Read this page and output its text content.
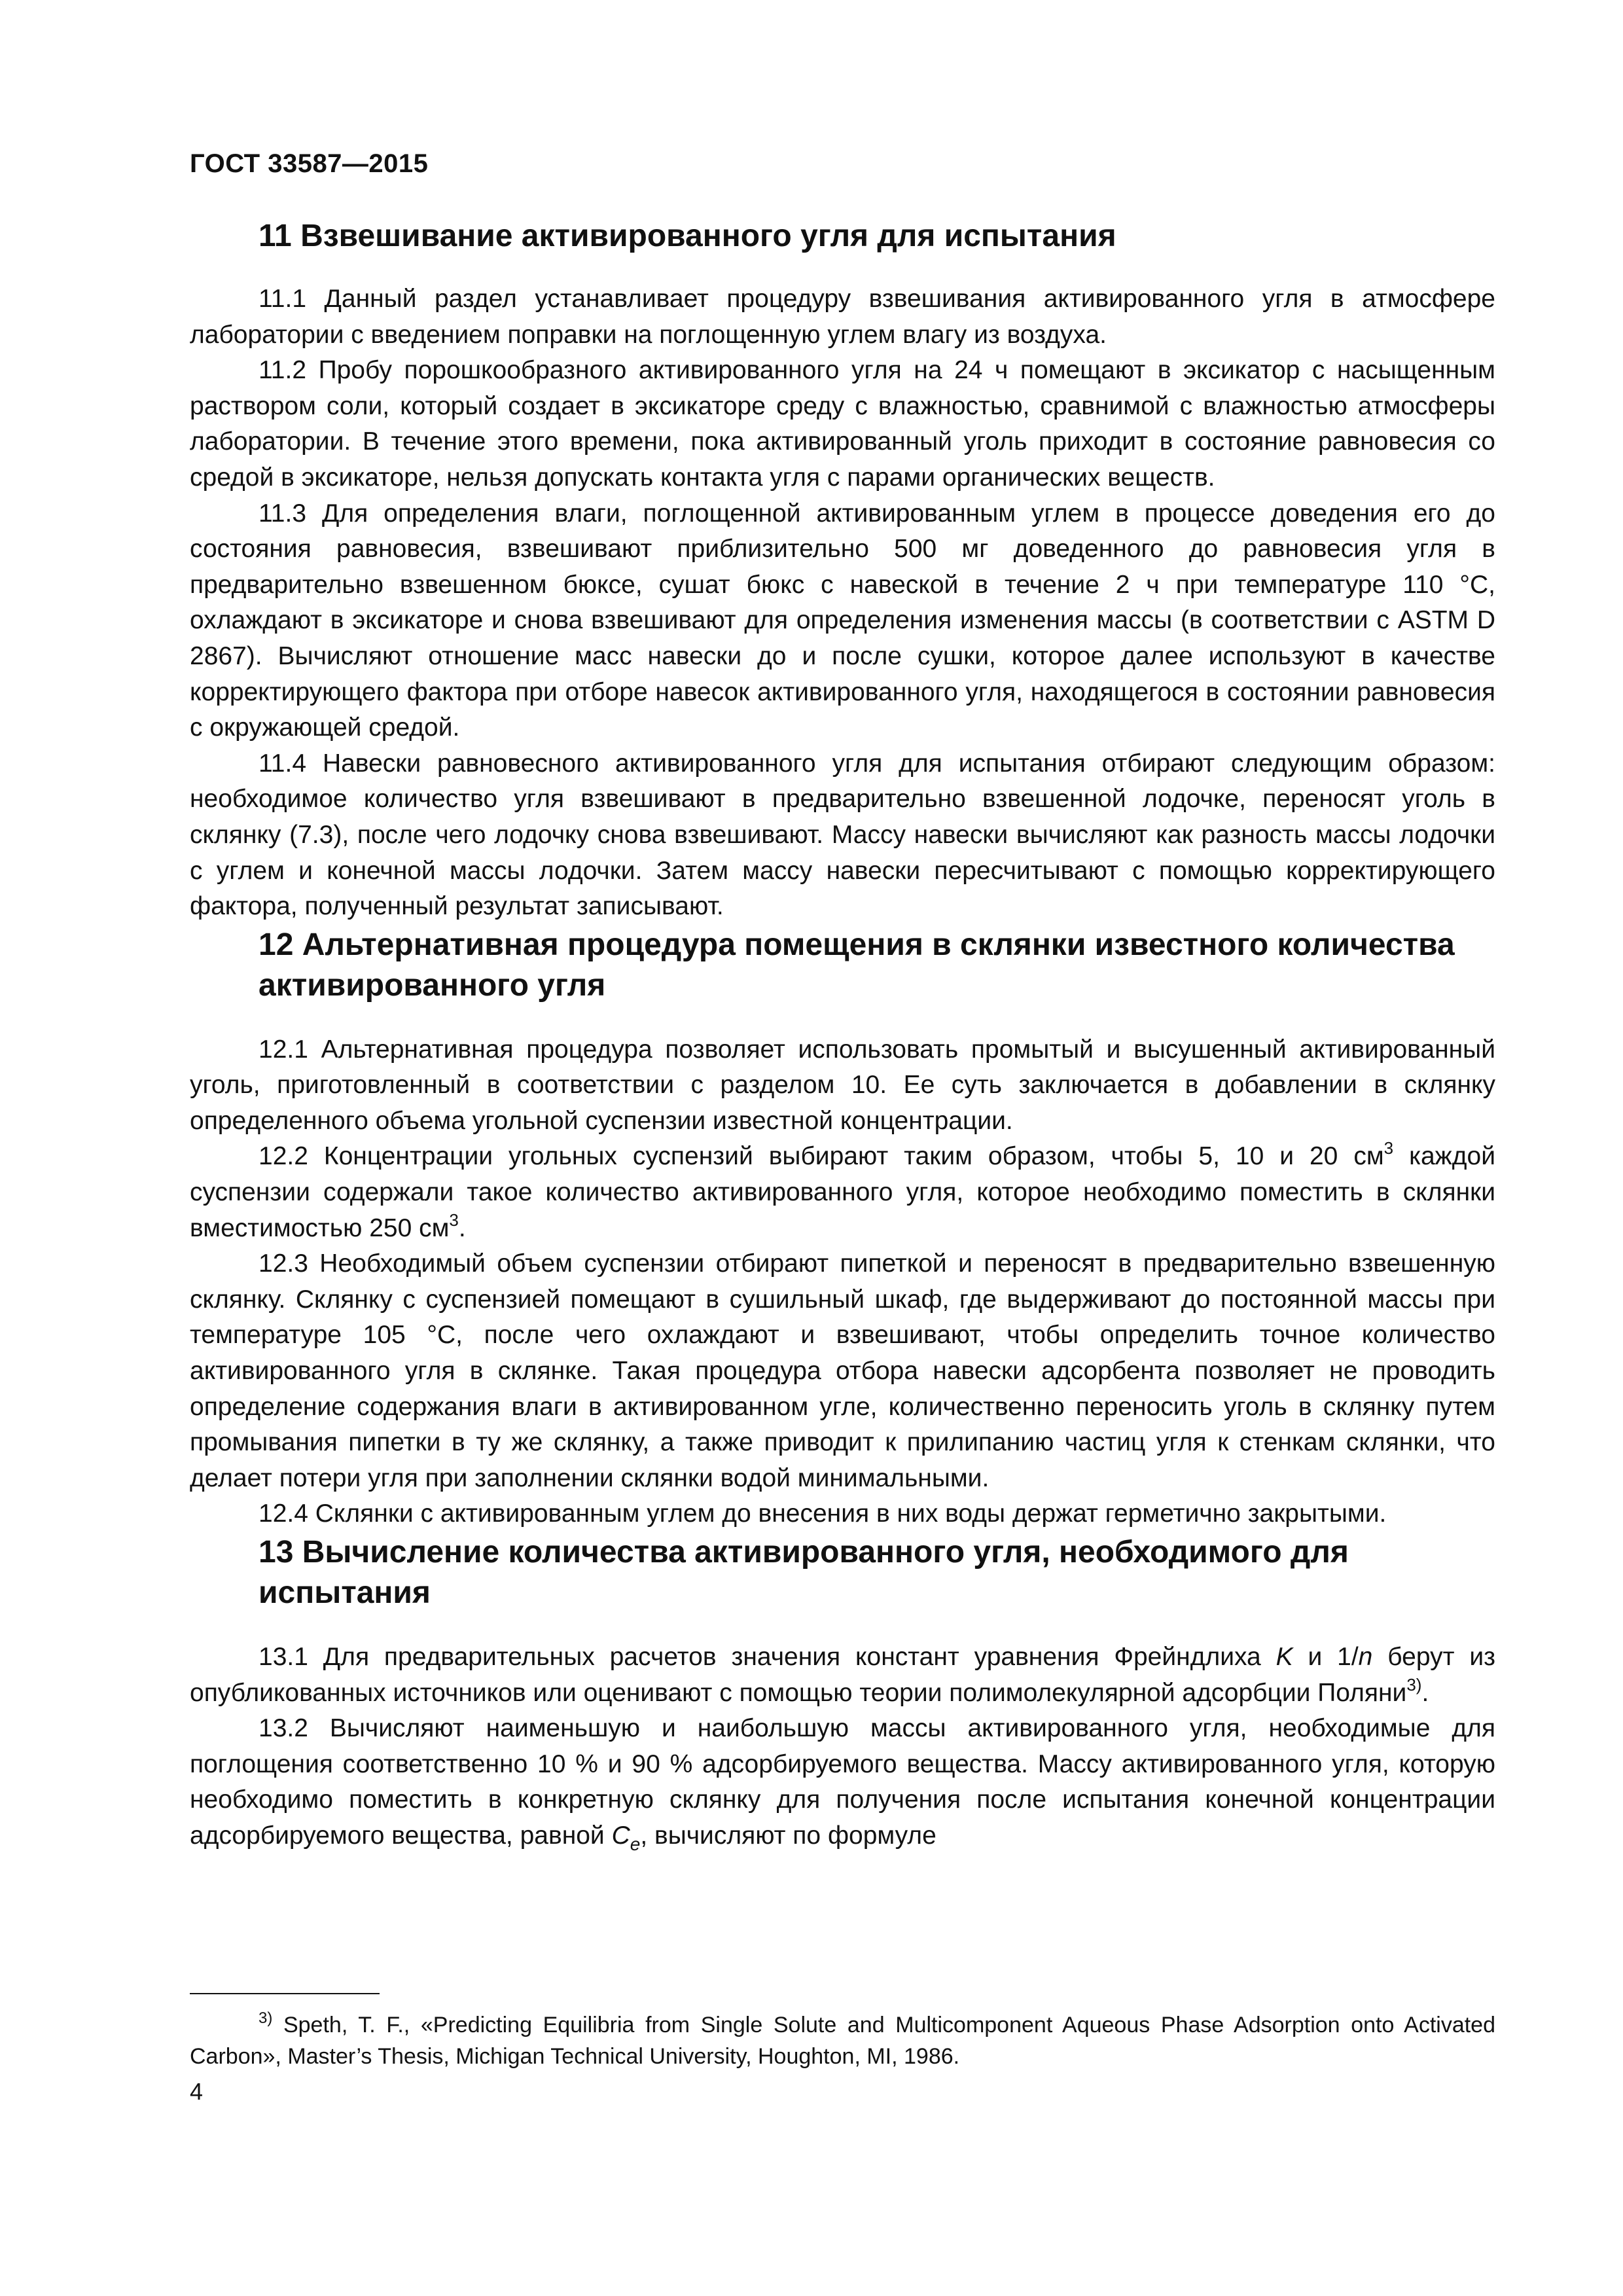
ГОСТ 33587—2015
11 Взвешивание активированного угля для испытания

11.1 Данный раздел устанавливает процедуру взвешивания активированного угля в атмосфере лаборатории с введением поправки на поглощенную углем влагу из воздуха.

11.2 Пробу порошкообразного активированного угля на 24 ч помещают в эксикатор с насыщенным раствором соли, который создает в эксикаторе среду с влажностью, сравнимой с влажностью атмосферы лаборатории. В течение этого времени, пока активированный уголь приходит в состояние равновесия со средой в эксикаторе, нельзя допускать контакта угля с парами органических веществ.

11.3 Для определения влаги, поглощенной активированным углем в процессе доведения его до состояния равновесия, взвешивают приблизительно 500 мг доведенного до равновесия угля в предварительно взвешенном бюксе, сушат бюкс с навеской в течение 2 ч при температуре 110 °С, охлаждают в эксикаторе и снова взвешивают для определения изменения массы (в соответствии с ASTM D 2867). Вычисляют отношение масс навески до и после сушки, которое далее используют в качестве корректирующего фактора при отборе навесок активированного угля, находящегося в состоянии равновесия с окружающей средой.

11.4 Навески равновесного активированного угля для испытания отбирают следующим образом: необходимое количество угля взвешивают в предварительно взвешенной лодочке, переносят уголь в склянку (7.3), после чего лодочку снова взвешивают. Массу навески вычисляют как разность массы лодочки с углем и конечной массы лодочки. Затем массу навески пересчитывают с помощью корректирующего фактора, полученный результат записывают.

12 Альтернативная процедура помещения в склянки известного количества активированного угля

12.1 Альтернативная процедура позволяет использовать промытый и высушенный активированный уголь, приготовленный в соответствии с разделом 10. Ее суть заключается в добавлении в склянку определенного объема угольной суспензии известной концентрации.

12.2 Концентрации угольных суспензий выбирают таким образом, чтобы 5, 10 и 20 $см^3$ каждой суспензии содержали такое количество активированного угля, которое необходимо поместить в склянки вместимостью 250 $см^3$.

12.3 Необходимый объем суспензии отбирают пипеткой и переносят в предварительно взвешенную склянку. Склянку с суспензией помещают в сушильный шкаф, где выдерживают до постоянной массы при температуре 105 °С, после чего охлаждают и взвешивают, чтобы определить точное количество активированного угля в склянке. Такая процедура отбора навески адсорбента позволяет не проводить определение содержания влаги в активированном угле, количественно переносить уголь в склянку путем промывания пипетки в ту же склянку, а также приводит к прилипанию частиц угля к стенкам склянки, что делает потери угля при заполнении склянки водой минимальными.

12.4 Склянки с активированным углем до внесения в них воды держат герметично закрытыми.

13 Вычисление количества активированного угля, необходимого для испытания

13.1 Для предварительных расчетов значения констант уравнения Фрейндлиха K и 1/n берут из опубликованных источников или оценивают с помощью теории полимолекулярной адсорбции Поляни$^{3)}$.

13.2 Вычисляют наименьшую и наибольшую массы активированного угля, необходимые для поглощения соответственно 10 % и 90 % адсорбируемого вещества. Массу активированного угля, которую необходимо поместить в конкретную склянку для получения после испытания конечной концентрации адсорбируемого вещества, равной $C_e$, вычисляют по формуле

$^{3)}$ Speth, T. F., «Predicting Equilibria from Single Solute and Multicomponent Aqueous Phase Adsorption onto Activated Carbon», Master’s Thesis, Michigan Technical University, Houghton, MI, 1986.

4
